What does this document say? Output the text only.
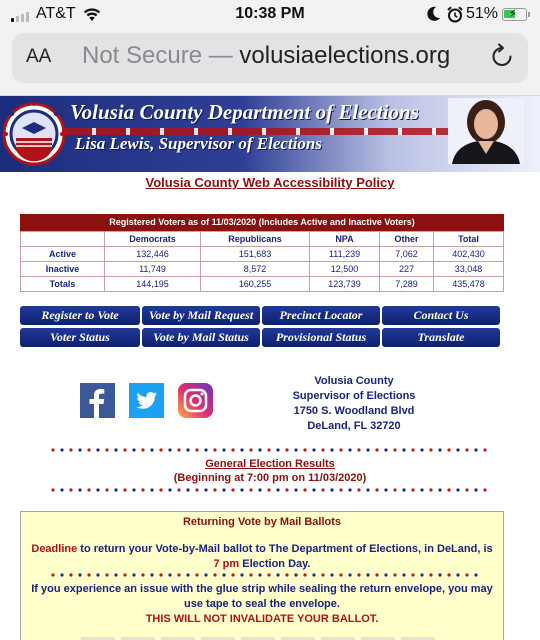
AT&T	10:38 PM	51% ⚡
AA Not Secure — volusiaelections.org
Volusia County Department of Elections
Lisa Lewis, Supervisor of Elections
Volusia County Web Accessibility Policy
Registered Voters as of 11/03/2020 (Includes Active and Inactive Voters)
	Democrats	Republicans	NPA	Other	Total
Active	132,446	151,683	111,239	7,062	402,430
Inactive	11,749	8,572	12,500	227	33,048
Totals	144,195	160,255	123,739	7,289	435,478
Register to Vote	Vote by Mail Request	Precinct Locator	Contact Us
Voter Status	Vote by Mail Status	Provisional Status	Translate
Volusia County
Supervisor of Elections
1750 S. Woodland Blvd
DeLand, FL 32720
General Election Results
(Beginning at 7:00 pm on 11/03/2020)
Returning Vote by Mail Ballots
Deadline to return your Vote-by-Mail ballot to The Department of Elections, in DeLand, is 7 pm Election Day.
If you experience an issue with the glue strip while sealing the return envelope, you may use tape to seal the envelope.
THIS WILL NOT INVALIDATE YOUR BALLOT.
